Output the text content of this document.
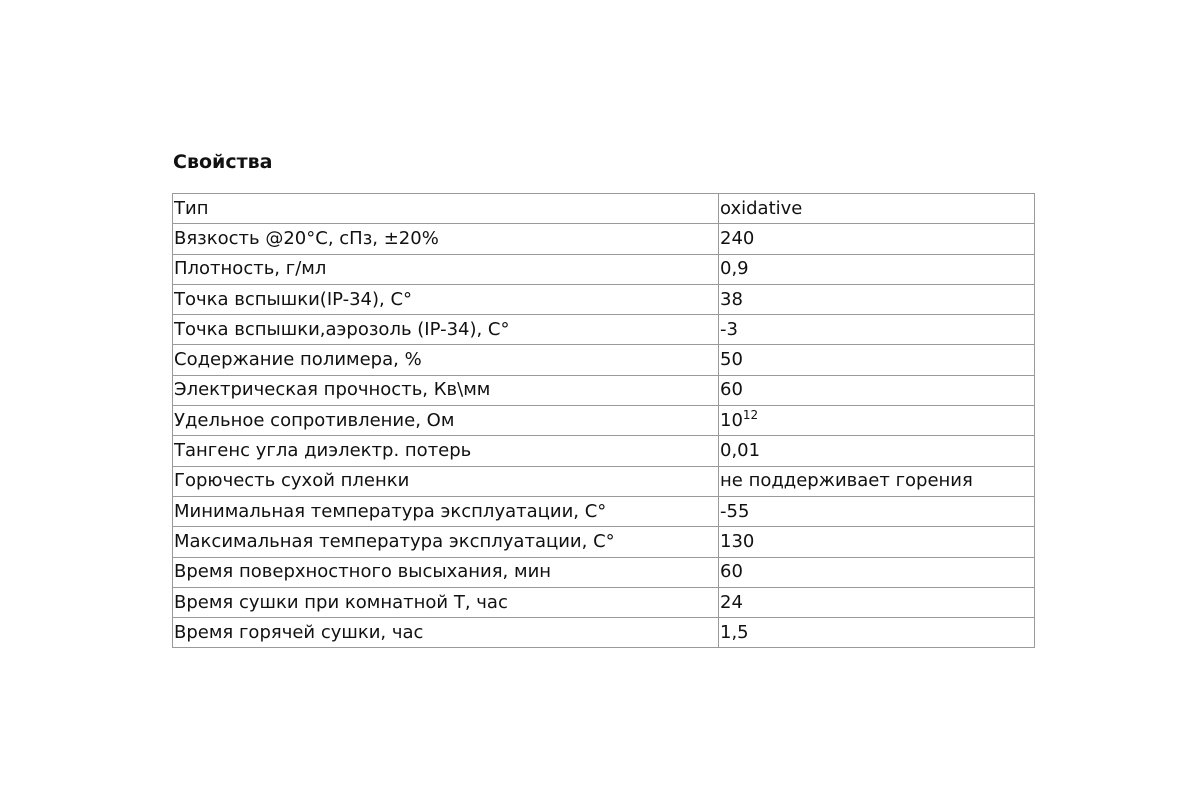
Свойства
Тип	oxidative
Вязкость @20°C, сПз, ±20%	240
Плотность, г/мл	0,9
Точка вспышки(IP-34), C°	38
Точка вспышки,аэрозоль (IP-34), C°	-3
Содержание полимера, %	50
Электрическая прочность, Кв\мм	60
Удельное сопротивление, Ом	$10^{12}$
Тангенс угла диэлектр. потерь	0,01
Горючесть сухой пленки	не поддерживает горения
Минимальная температура эксплуатации, C°	-55
Максимальная температура эксплуатации, C°	130
Время поверхностного высыхания, мин	60
Время сушки при комнатной Т, час	24
Время горячей сушки, час	1,5
